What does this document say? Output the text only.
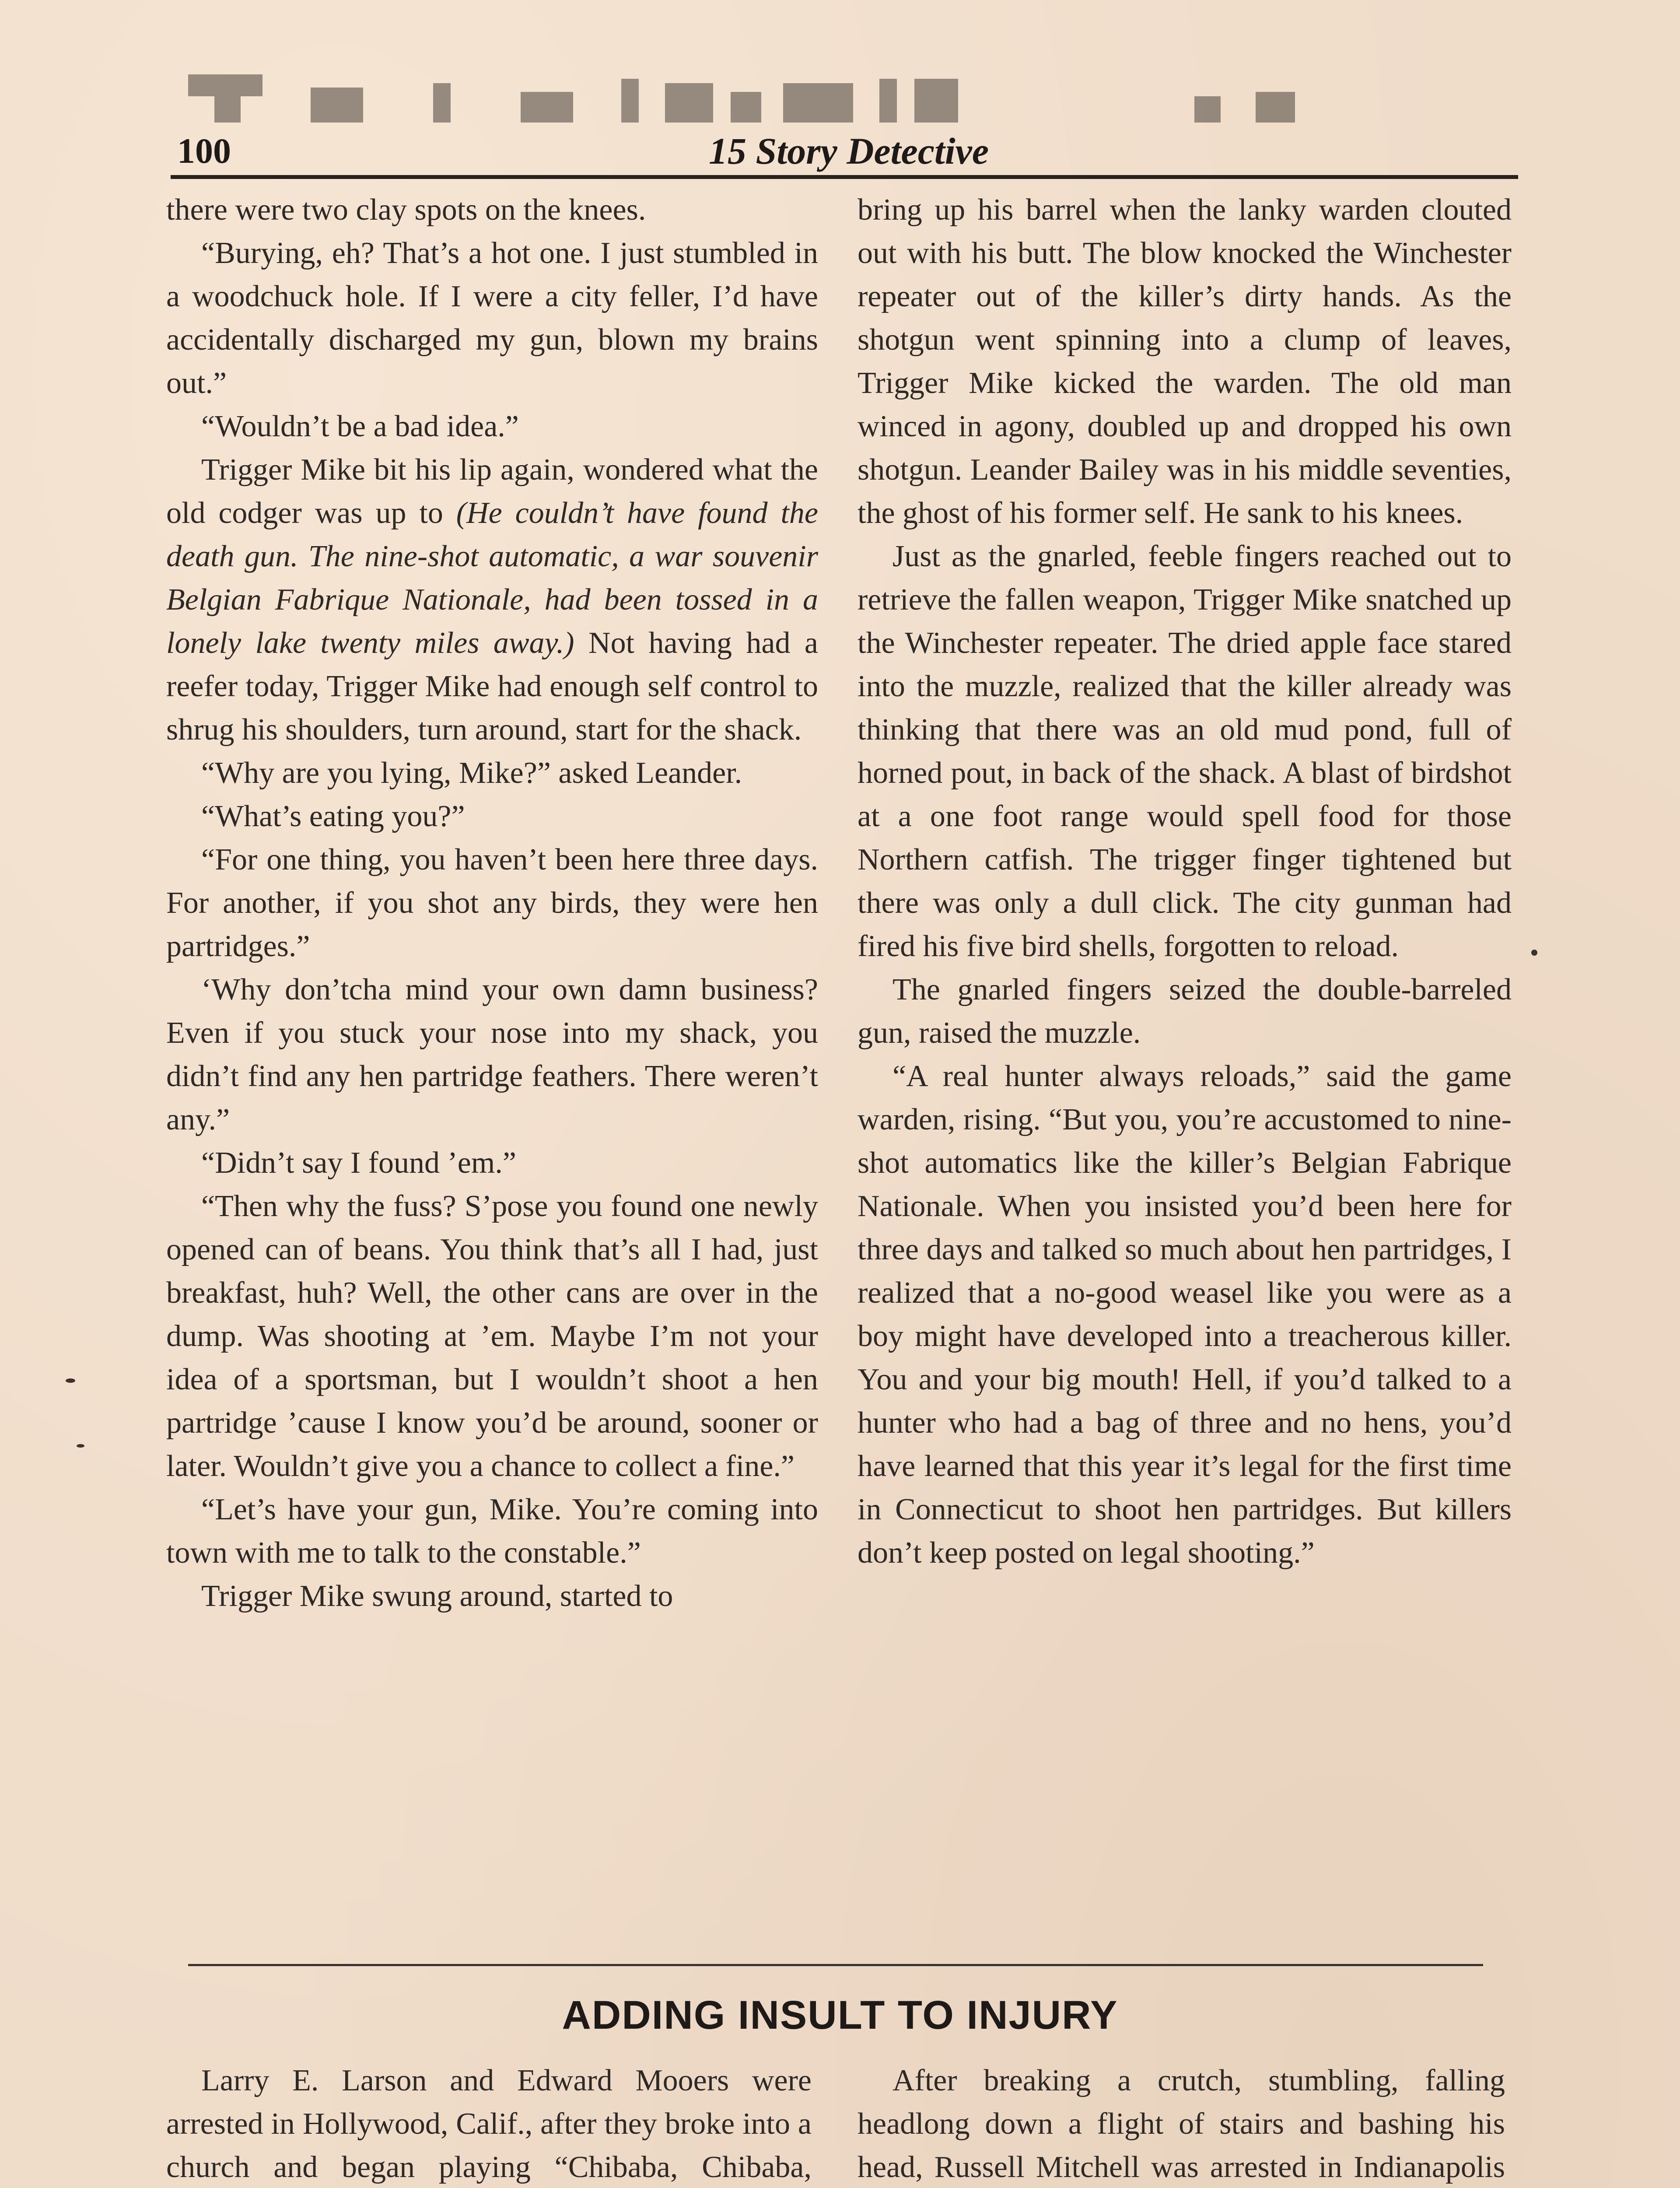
100	15 Story Detective

there were two clay spots on the knees.

“Burying, eh? That’s a hot one. I just stumbled in a woodchuck hole. If I were a city feller, I’d have accidentally discharged my gun, blown my brains out.”

“Wouldn’t be a bad idea.”

Trigger Mike bit his lip again, wondered what the old codger was up to (He couldn’t have found the death gun. The nine-shot automatic, a war souvenir Belgian Fabrique Nationale, had been tossed in a lonely lake twenty miles away.) Not having had a reefer today, Trigger Mike had enough self control to shrug his shoulders, turn around, start for the shack.

“Why are you lying, Mike?” asked Leander.

“What’s eating you?”

“For one thing, you haven’t been here three days. For another, if you shot any birds, they were hen partridges.”

‘Why don’tcha mind your own damn business? Even if you stuck your nose into my shack, you didn’t find any hen partridge feathers. There weren’t any.”

“Didn’t say I found ’em.”

“Then why the fuss? S’pose you found one newly opened can of beans. You think that’s all I had, just breakfast, huh? Well, the other cans are over in the dump. Was shooting at ’em. Maybe I’m not your idea of a sportsman, but I wouldn’t shoot a hen partridge ’cause I know you’d be around, sooner or later. Wouldn’t give you a chance to collect a fine.”

“Let’s have your gun, Mike. You’re coming into town with me to talk to the constable.”

Trigger Mike swung around, started to

bring up his barrel when the lanky warden clouted out with his butt. The blow knocked the Winchester repeater out of the killer’s dirty hands. As the shotgun went spinning into a clump of leaves, Trigger Mike kicked the warden. The old man winced in agony, doubled up and dropped his own shotgun. Leander Bailey was in his middle seventies, the ghost of his former self. He sank to his knees.

Just as the gnarled, feeble fingers reached out to retrieve the fallen weapon, Trigger Mike snatched up the Winchester repeater. The dried apple face stared into the muzzle, realized that the killer already was thinking that there was an old mud pond, full of horned pout, in back of the shack. A blast of birdshot at a one foot range would spell food for those Northern catfish. The trigger finger tightened but there was only a dull click. The city gunman had fired his five bird shells, forgotten to reload.

The gnarled fingers seized the double-barreled gun, raised the muzzle.

“A real hunter always reloads,” said the game warden, rising. “But you, you’re accustomed to nine-shot automatics like the killer’s Belgian Fabrique Nationale. When you insisted you’d been here for three days and talked so much about hen partridges, I realized that a no-good weasel like you were as a boy might have developed into a treacherous killer. You and your big mouth! Hell, if you’d talked to a hunter who had a bag of three and no hens, you’d have learned that this year it’s legal for the first time in Connecticut to shoot hen partridges. But killers don’t keep posted on legal shooting.”

ADDING INSULT TO INJURY

Larry E. Larson and Edward Mooers were arrested in Hollywood, Calif., after they broke into a church and began playing “Chibaba, Chibaba,

After breaking a crutch, stumbling, falling headlong down a flight of stairs and bashing his head, Russell Mitchell was arrested in Indianapolis
